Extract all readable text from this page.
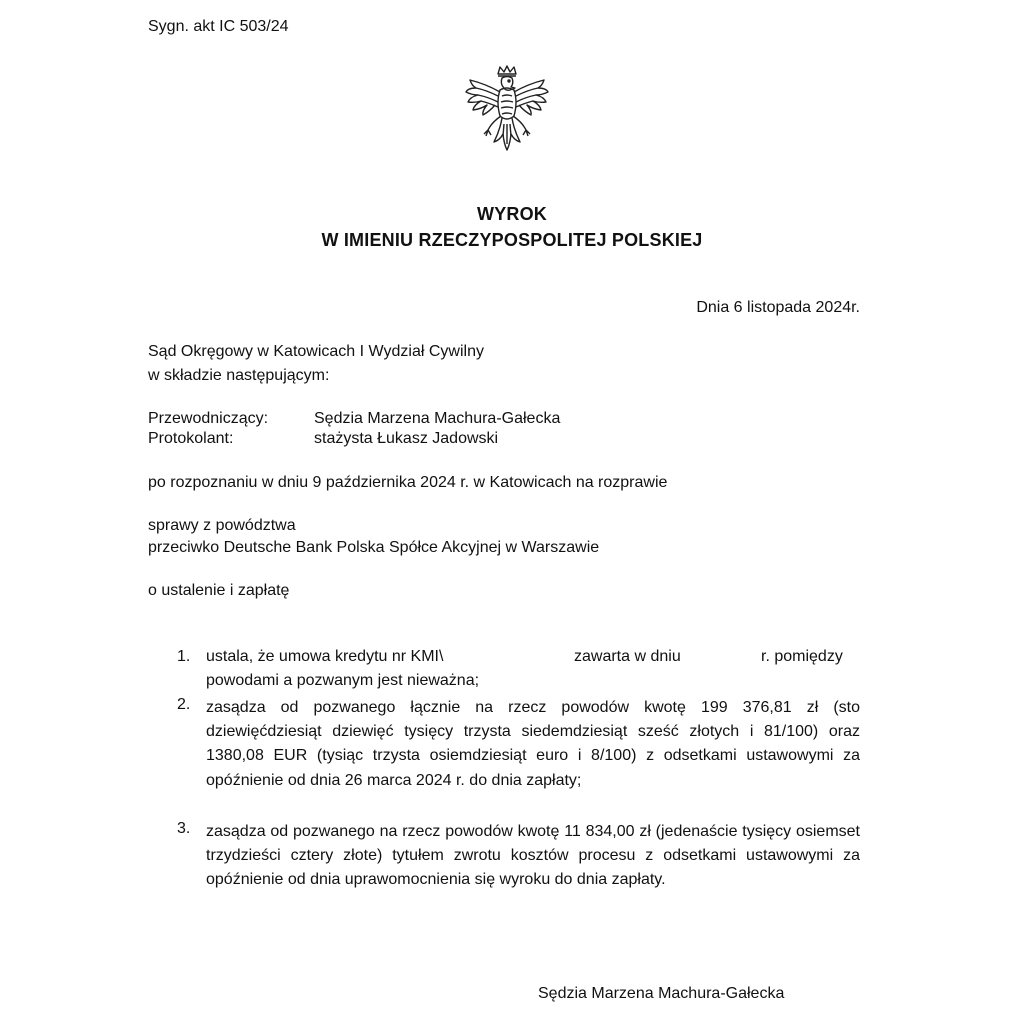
Sygn. akt IC 503/24
WYROK
W IMIENIU RZECZYPOSPOLITEJ POLSKIEJ
Dnia 6 listopada 2024r.
Sąd Okręgowy w Katowicach I Wydział Cywilny
w składzie następującym:
Przewodniczący:	Sędzia Marzena Machura-Gałecka
Protokolant:	stażysta Łukasz Jadowski
po rozpoznaniu w dniu 9 października 2024 r. w Katowicach na rozprawie
sprawy z powództwa
przeciwko Deutsche Bank Polska Spółce Akcyjnej w Warszawie
o ustalenie i zapłatę
1. ustala, że umowa kredytu nr KMI\	zawarta w dniu	r. pomiędzy
powodami a pozwanym jest nieważna;
2. zasądza od pozwanego łącznie na rzecz powodów kwotę 199 376,81 zł (sto dziewięćdziesiąt dziewięć tysięcy trzysta siedemdziesiąt sześć złotych i 81/100) oraz 1380,08 EUR (tysiąc trzysta osiemdziesiąt euro i 8/100) z odsetkami ustawowymi za opóźnienie od dnia 26 marca 2024 r. do dnia zapłaty;

3. zasądza od pozwanego na rzecz powodów kwotę 11 834,00 zł (jedenaście tysięcy osiemset trzydzieści cztery złote) tytułem zwrotu kosztów procesu z odsetkami ustawowymi za opóźnienie od dnia uprawomocnienia się wyroku do dnia zapłaty.

Sędzia Marzena Machura-Gałecka
